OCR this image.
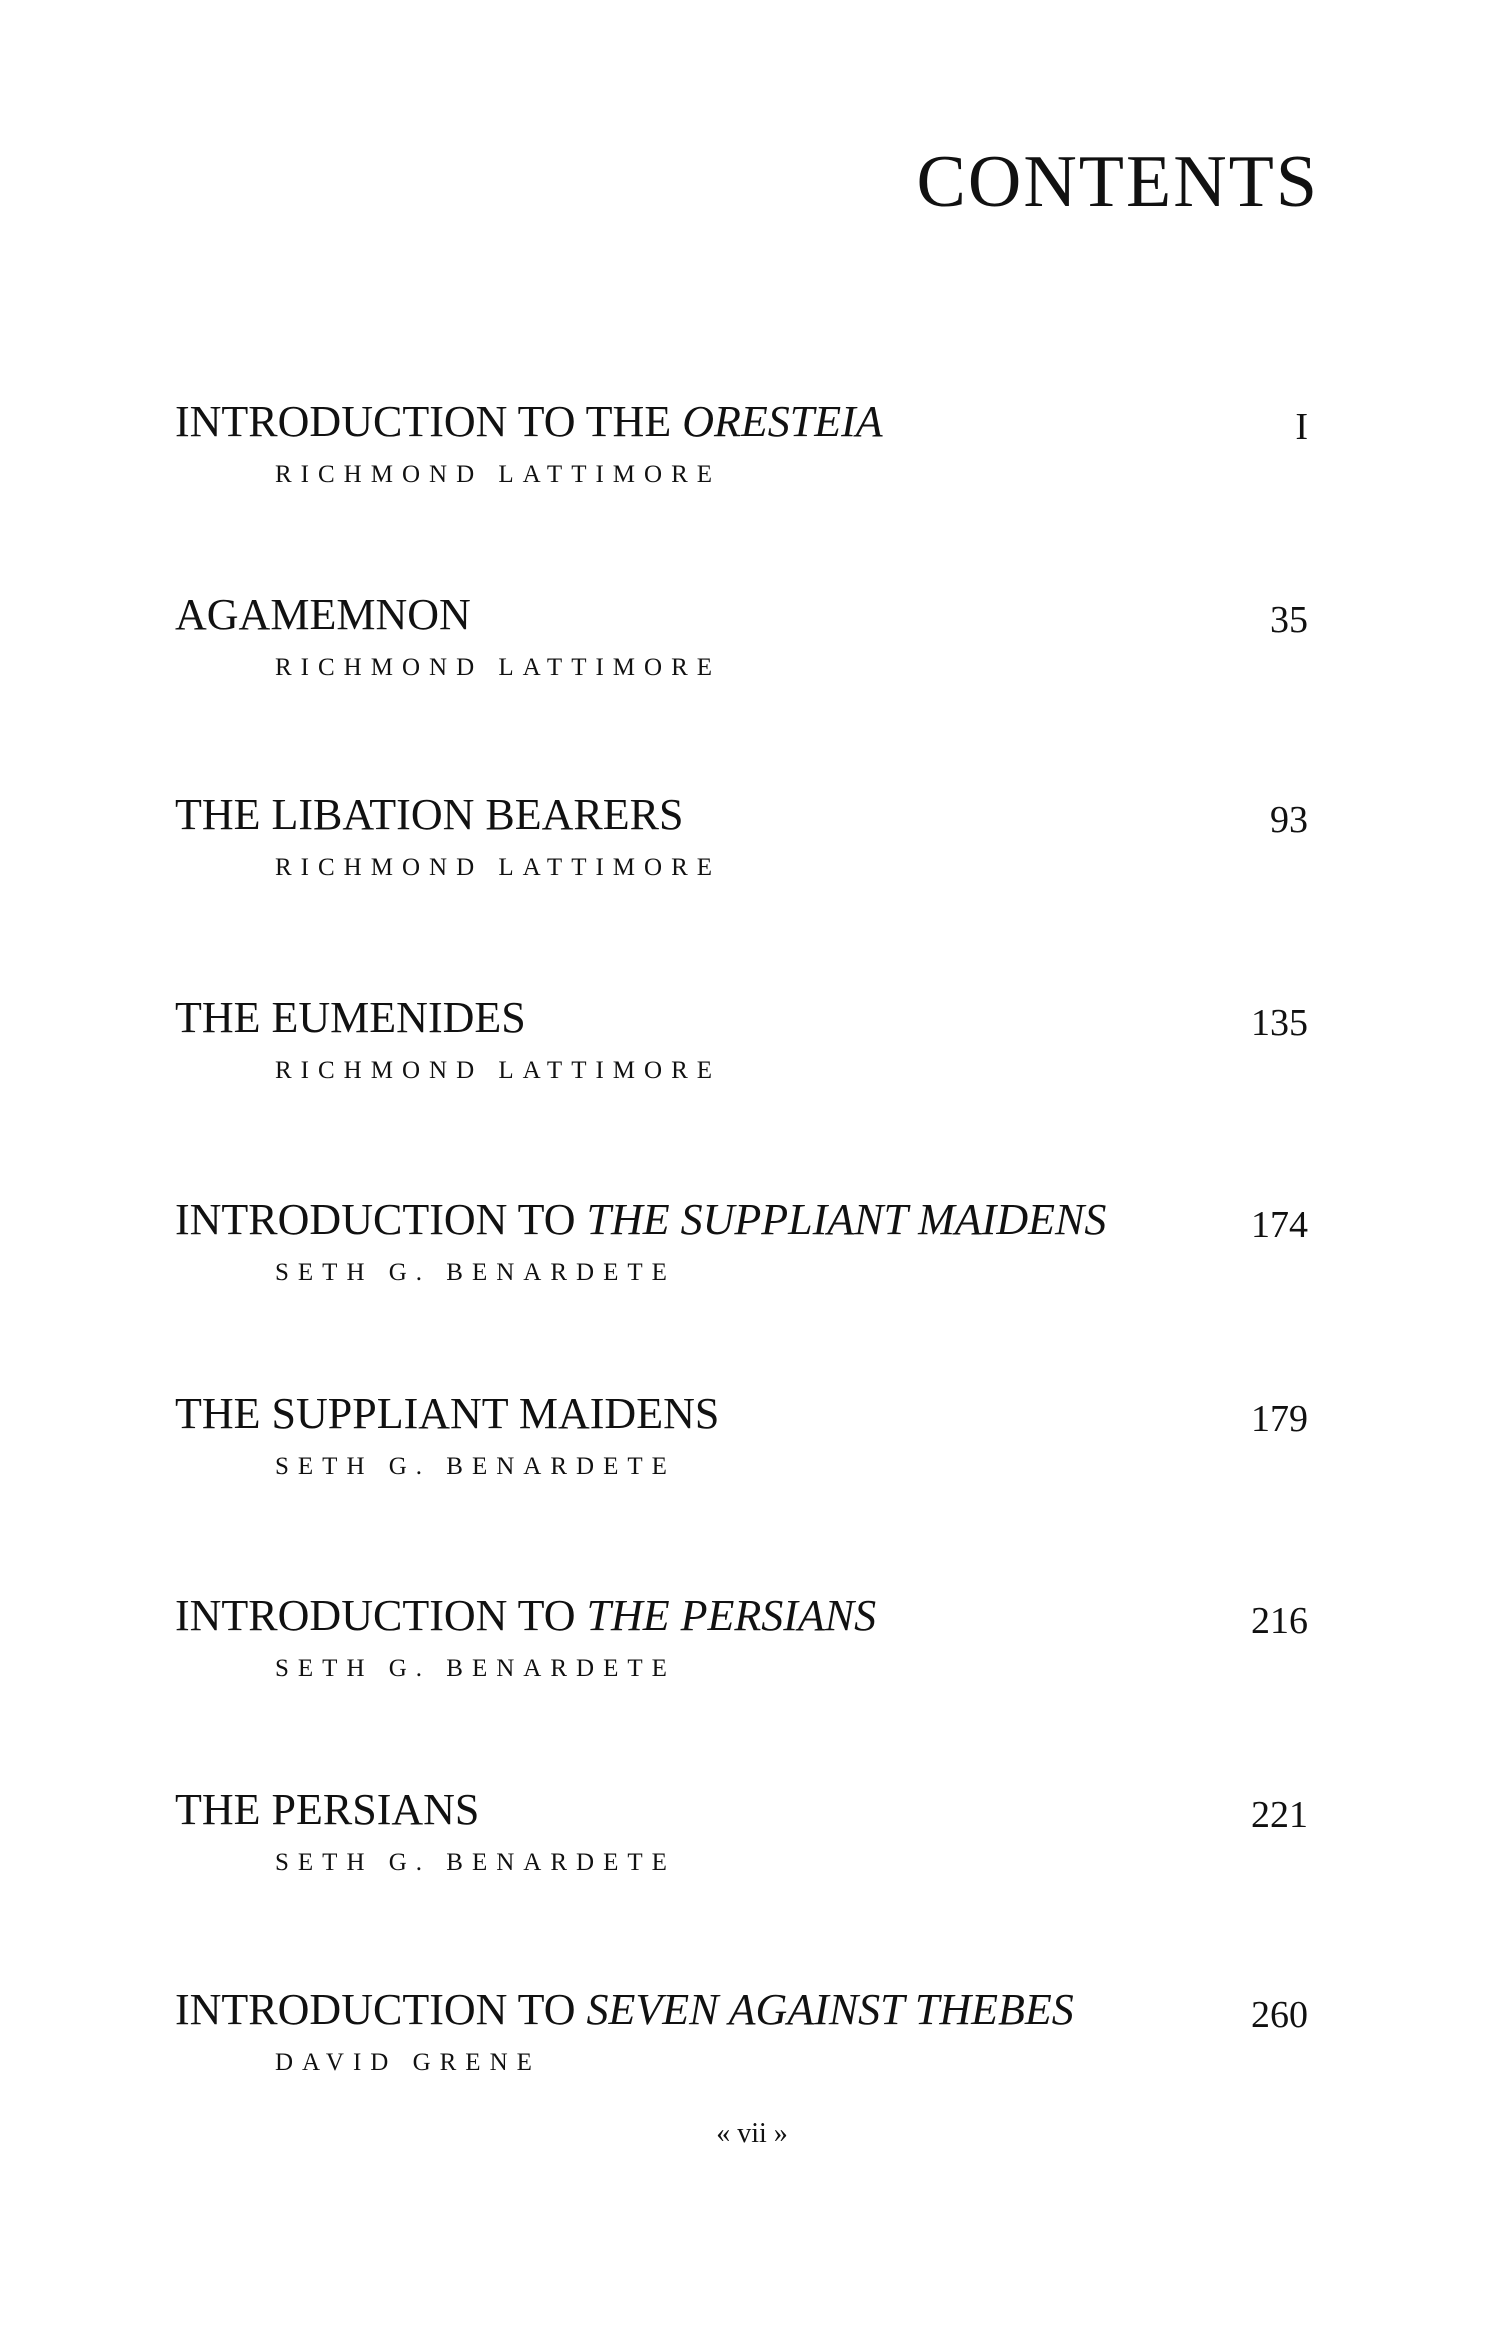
CONTENTS
INTRODUCTION TO THE ORESTEIA
RICHMOND LATTIMORE
I
AGAMEMNON
RICHMOND LATTIMORE
35
THE LIBATION BEARERS
RICHMOND LATTIMORE
93
THE EUMENIDES
RICHMOND LATTIMORE
135
INTRODUCTION TO THE SUPPLIANT MAIDENS
SETH G. BENARDETE
174
THE SUPPLIANT MAIDENS
SETH G. BENARDETE
179
INTRODUCTION TO THE PERSIANS
SETH G. BENARDETE
216
THE PERSIANS
SETH G. BENARDETE
221
INTRODUCTION TO SEVEN AGAINST THEBES
DAVID GRENE
260
« vii »
